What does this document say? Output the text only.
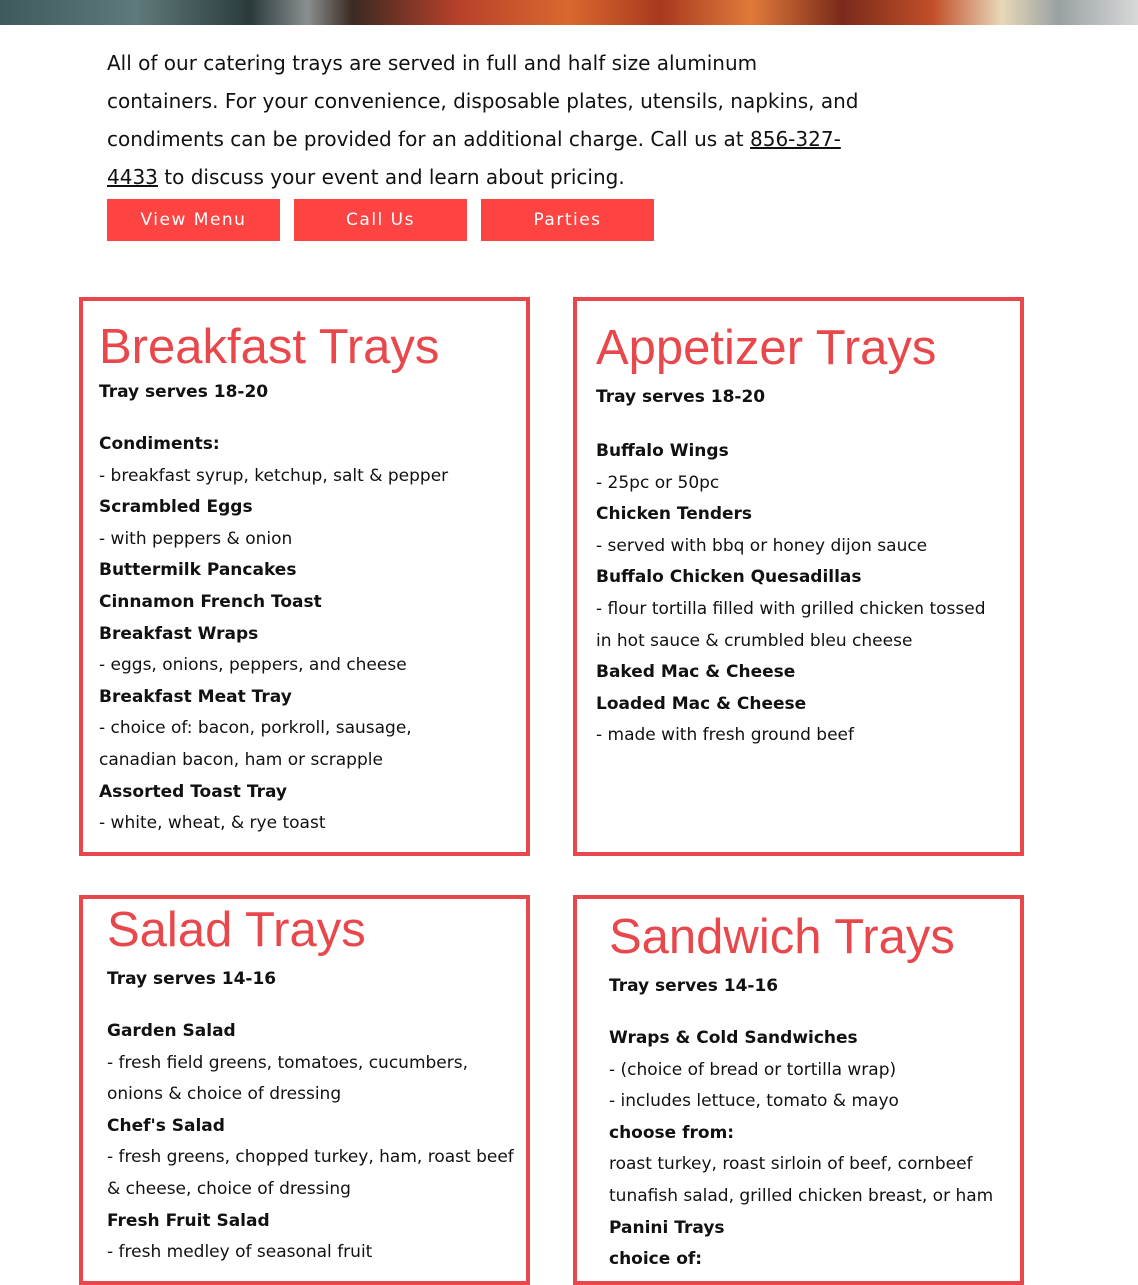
All of our catering trays are served in full and half size aluminum containers. For your convenience, disposable plates, utensils, napkins, and condiments can be provided for an additional charge. Call us at 856-327-4433 to discuss your event and learn about pricing.
View Menu	Call Us	Parties
Breakfast Trays
Tray serves 18-20
Condiments:
- breakfast syrup, ketchup, salt & pepper
Scrambled Eggs
- with peppers & onion
Buttermilk Pancakes
Cinnamon French Toast
Breakfast Wraps
- eggs, onions, peppers, and cheese
Breakfast Meat Tray
- choice of: bacon, porkroll, sausage,
canadian bacon, ham or scrapple
Assorted Toast Tray
- white, wheat, & rye toast
Appetizer Trays
Tray serves 18-20
Buffalo Wings
- 25pc or 50pc
Chicken Tenders
- served with bbq or honey dijon sauce
Buffalo Chicken Quesadillas
- flour tortilla filled with grilled chicken tossed
in hot sauce & crumbled bleu cheese
Baked Mac & Cheese
Loaded Mac & Cheese
- made with fresh ground beef
Salad Trays
Tray serves 14-16
Garden Salad
- fresh field greens, tomatoes, cucumbers,
onions & choice of dressing
Chef's Salad
- fresh greens, chopped turkey, ham, roast beef
& cheese, choice of dressing
Fresh Fruit Salad
- fresh medley of seasonal fruit
Sandwich Trays
Tray serves 14-16
Wraps & Cold Sandwiches
- (choice of bread or tortilla wrap)
- includes lettuce, tomato & mayo
choose from:
roast turkey, roast sirloin of beef, cornbeef
tunafish salad, grilled chicken breast, or ham
Panini Trays
choice of:
